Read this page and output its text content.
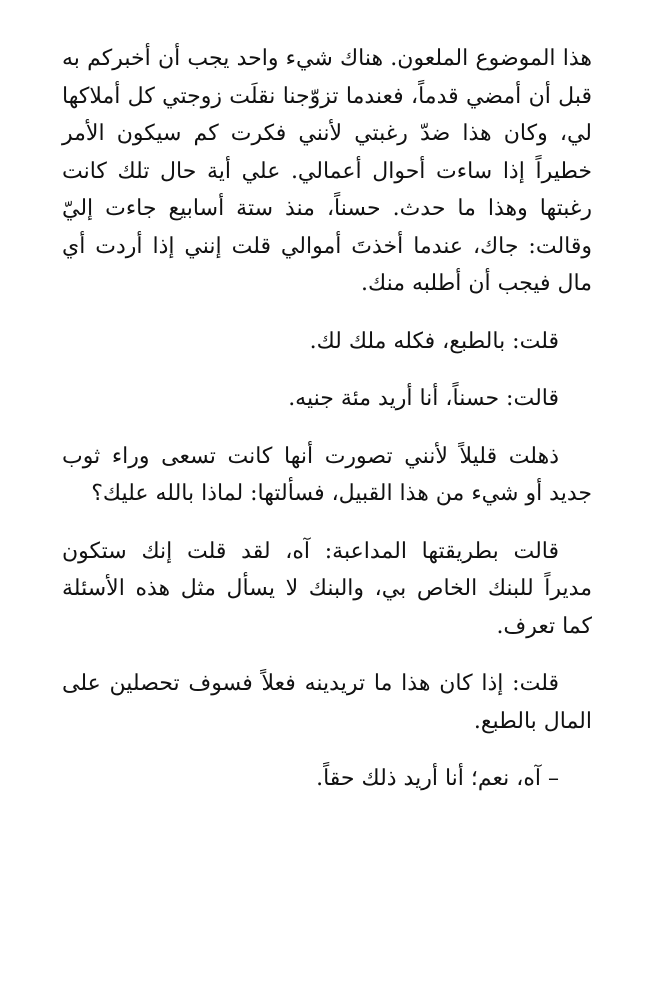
هذا الموضوع الملعون. هناك شيء واحد يجب أن أخبركم به قبل أن أمضي قدماً، فعندما تزوّجنا نقلَت زوجتي كل أملاكها لي، وكان هذا ضدّ رغبتي لأنني فكرت كم سيكون الأمر خطيراً إذا ساءت أحوال أعمالي. علي أية حال تلك كانت رغبتها وهذا ما حدث. حسناً، منذ ستة أسابيع جاءت إليّ وقالت: جاك، عندما أخذتَ أموالي قلت إنني إذا أردت أي مال فيجب أن أطلبه منك.

قلت: بالطبع، فكله ملك لك.

قالت: حسناً، أنا أريد مئة جنيه.

ذهلت قليلاً لأنني تصورت أنها كانت تسعى وراء ثوب جديد أو شيء من هذا القبيل، فسألتها: لماذا بالله عليك؟

قالت بطريقتها المداعبة: آه، لقد قلت إنك ستكون مديراً للبنك الخاص بي، والبنك لا يسأل مثل هذه الأسئلة كما تعرف.

قلت: إذا كان هذا ما تريدينه فعلاً فسوف تحصلين على المال بالطبع.

– آه، نعم؛ أنا أريد ذلك حقاً.
